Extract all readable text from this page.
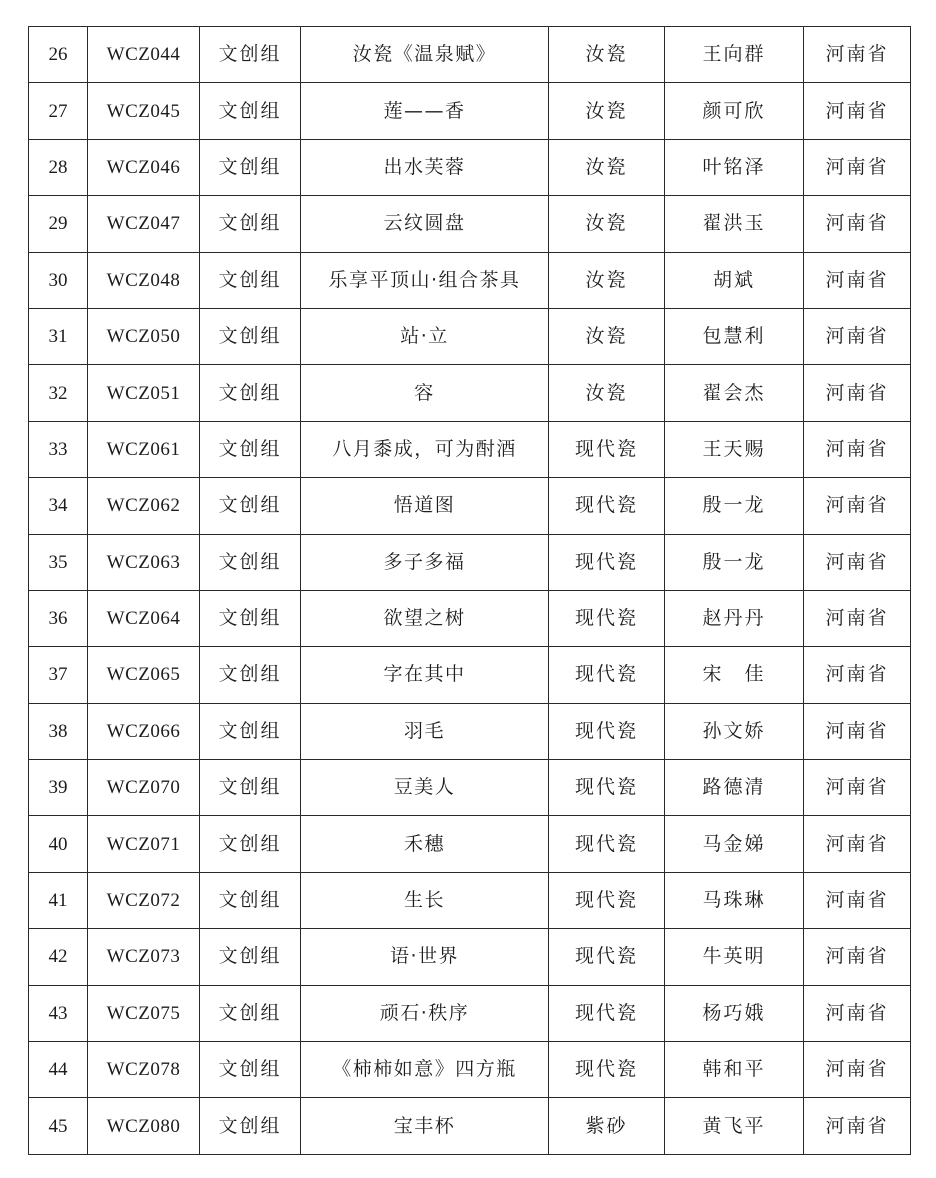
26	WCZ044	文创组	汝瓷《温泉赋》	汝瓷	王向群	河南省
27	WCZ045	文创组	莲——香	汝瓷	颜可欣	河南省
28	WCZ046	文创组	出水芙蓉	汝瓷	叶铭泽	河南省
29	WCZ047	文创组	云纹圆盘	汝瓷	翟洪玉	河南省
30	WCZ048	文创组	乐享平顶山·组合茶具	汝瓷	胡斌	河南省
31	WCZ050	文创组	站·立	汝瓷	包慧利	河南省
32	WCZ051	文创组	容	汝瓷	翟会杰	河南省
33	WCZ061	文创组	八月黍成，可为酎酒	现代瓷	王天赐	河南省
34	WCZ062	文创组	悟道图	现代瓷	殷一龙	河南省
35	WCZ063	文创组	多子多福	现代瓷	殷一龙	河南省
36	WCZ064	文创组	欲望之树	现代瓷	赵丹丹	河南省
37	WCZ065	文创组	字在其中	现代瓷	宋　佳	河南省
38	WCZ066	文创组	羽毛	现代瓷	孙文娇	河南省
39	WCZ070	文创组	豆美人	现代瓷	路德清	河南省
40	WCZ071	文创组	禾穗	现代瓷	马金娣	河南省
41	WCZ072	文创组	生长	现代瓷	马珠琳	河南省
42	WCZ073	文创组	语·世界	现代瓷	牛英明	河南省
43	WCZ075	文创组	顽石·秩序	现代瓷	杨巧娥	河南省
44	WCZ078	文创组	《柿柿如意》四方瓶	现代瓷	韩和平	河南省
45	WCZ080	文创组	宝丰杯	紫砂	黄飞平	河南省
